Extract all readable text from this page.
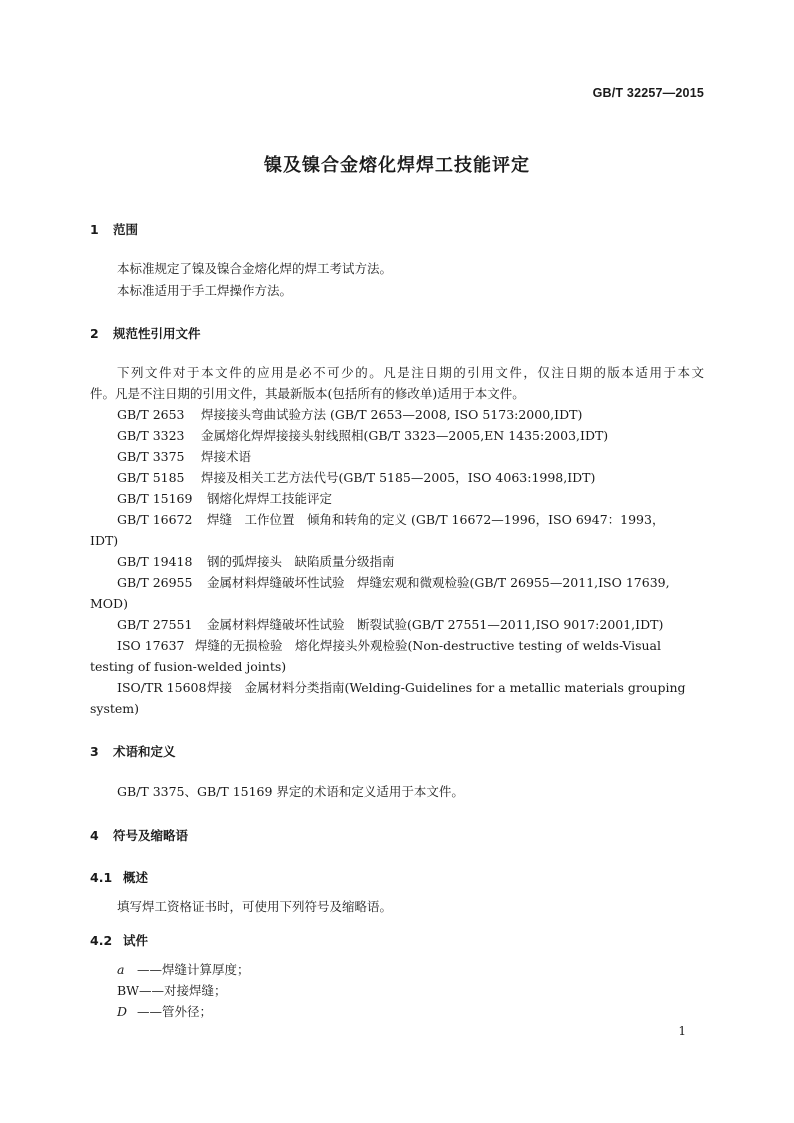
GB/T 32257—2015
镍及镍合金熔化焊焊工技能评定
1 范围
本标准规定了镍及镍合金熔化焊的焊工考试方法。
本标准适用于手工焊操作方法。
2 规范性引用文件
下列文件对于本文件的应用是必不可少的。凡是注日期的引用文件，仅注日期的版本适用于本文
件。凡是不注日期的引用文件，其最新版本(包括所有的修改单)适用于本文件。
GB/T 2653 焊接接头弯曲试验方法 (GB/T 2653—2008, ISO 5173:2000,IDT)
GB/T 3323 金属熔化焊焊接接头射线照相(GB/T 3323—2005,EN 1435:2003,IDT)
GB/T 3375 焊接术语
GB/T 5185 焊接及相关工艺方法代号(GB/T 5185—2005，ISO 4063:1998,IDT)
GB/T 15169 钢熔化焊焊工技能评定
GB/T 16672 焊缝　工作位置　倾角和转角的定义 (GB/T 16672—1996，ISO 6947：1993，
IDT)
GB/T 19418 钢的弧焊接头　缺陷质量分级指南
GB/T 26955 金属材料焊缝破坏性试验　焊缝宏观和微观检验(GB/T 26955—2011,ISO 17639,
MOD)
GB/T 27551 金属材料焊缝破坏性试验　断裂试验(GB/T 27551—2011,ISO 9017:2001,IDT)
ISO 17637 焊缝的无损检验　熔化焊接头外观检验(Non-destructive testing of welds-Visual
testing of fusion-welded joints)
ISO/TR 15608焊接　金属材料分类指南(Welding-Guidelines for a metallic materials grouping
system)
3 术语和定义
GB/T 3375、GB/T 15169 界定的术语和定义适用于本文件。
4 符号及缩略语
4.1 概述
填写焊工资格证书时，可使用下列符号及缩略语。
4.2 试件
a ——焊缝计算厚度；
BW——对接焊缝；
D ——管外径；
1
